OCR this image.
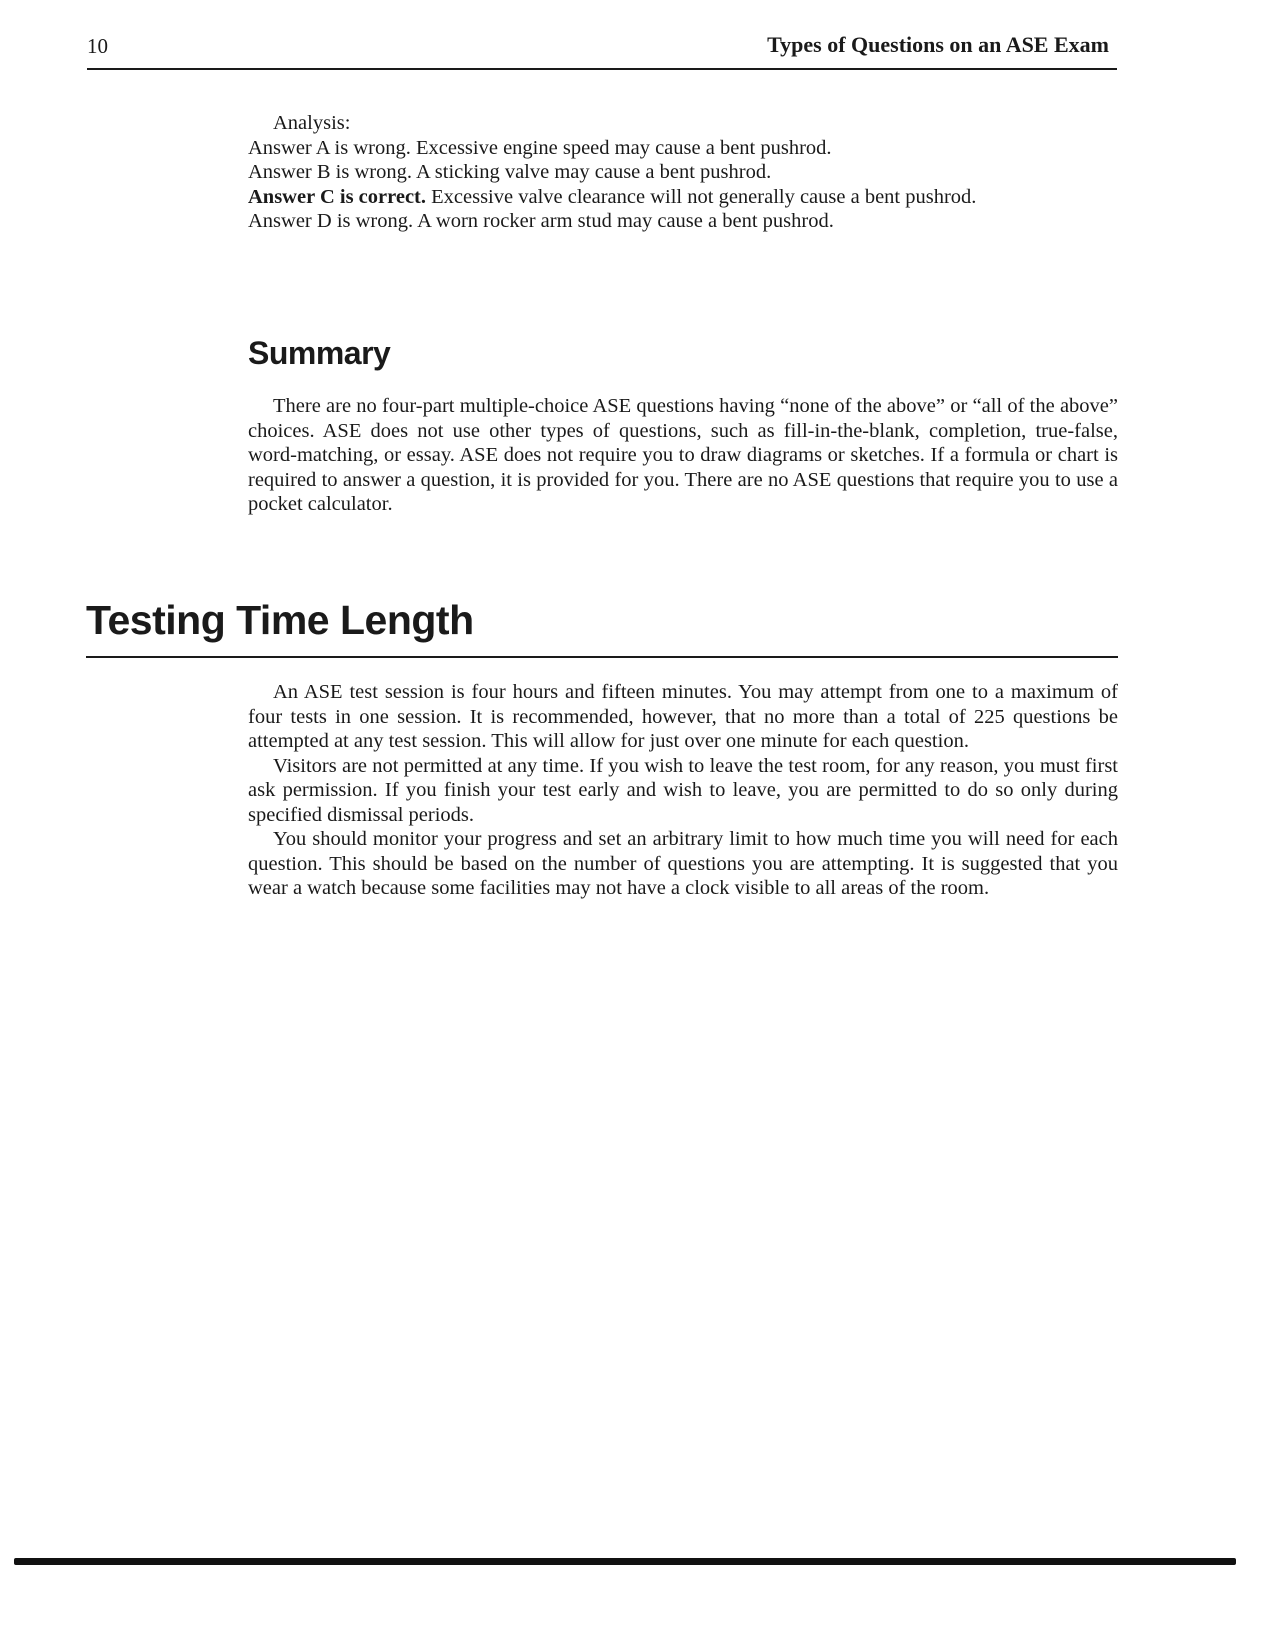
10	Types of Questions on an ASE Exam

Analysis:

Answer A is wrong. Excessive engine speed may cause a bent pushrod.

Answer B is wrong. A sticking valve may cause a bent pushrod.

Answer C is correct. Excessive valve clearance will not generally cause a bent pushrod.

Answer D is wrong. A worn rocker arm stud may cause a bent pushrod.

Summary

There are no four-part multiple-choice ASE questions having “none of the above” or “all of the above” choices. ASE does not use other types of questions, such as fill-in-the-blank, completion, true-false, word-matching, or essay. ASE does not require you to draw diagrams or sketches. If a formula or chart is required to answer a question, it is provided for you. There are no ASE questions that require you to use a pocket calculator.

Testing Time Length

An ASE test session is four hours and fifteen minutes. You may attempt from one to a maximum of four tests in one session. It is recommended, however, that no more than a total of 225 questions be attempted at any test session. This will allow for just over one minute for each question.

Visitors are not permitted at any time. If you wish to leave the test room, for any reason, you must first ask permission. If you finish your test early and wish to leave, you are permitted to do so only during specified dismissal periods.

You should monitor your progress and set an arbitrary limit to how much time you will need for each question. This should be based on the number of questions you are attempting. It is suggested that you wear a watch because some facilities may not have a clock visible to all areas of the room.
